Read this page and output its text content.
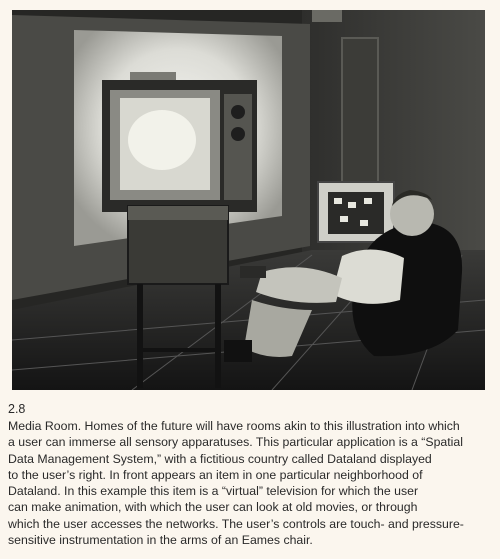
2.8

Media Room. Homes of the future will have rooms akin to this illustration into which
a user can immerse all sensory apparatuses. This particular application is a “Spatial
Data Management System,” with a fictitious country called Dataland displayed
to the user’s right. In front appears an item in one particular neighborhood of
Dataland. In this example this item is a “virtual” television for which the user
can make animation, with which the user can look at old movies, or through
which the user accesses the networks. The user’s controls are touch- and pressure-
sensitive instrumentation in the arms of an Eames chair.
